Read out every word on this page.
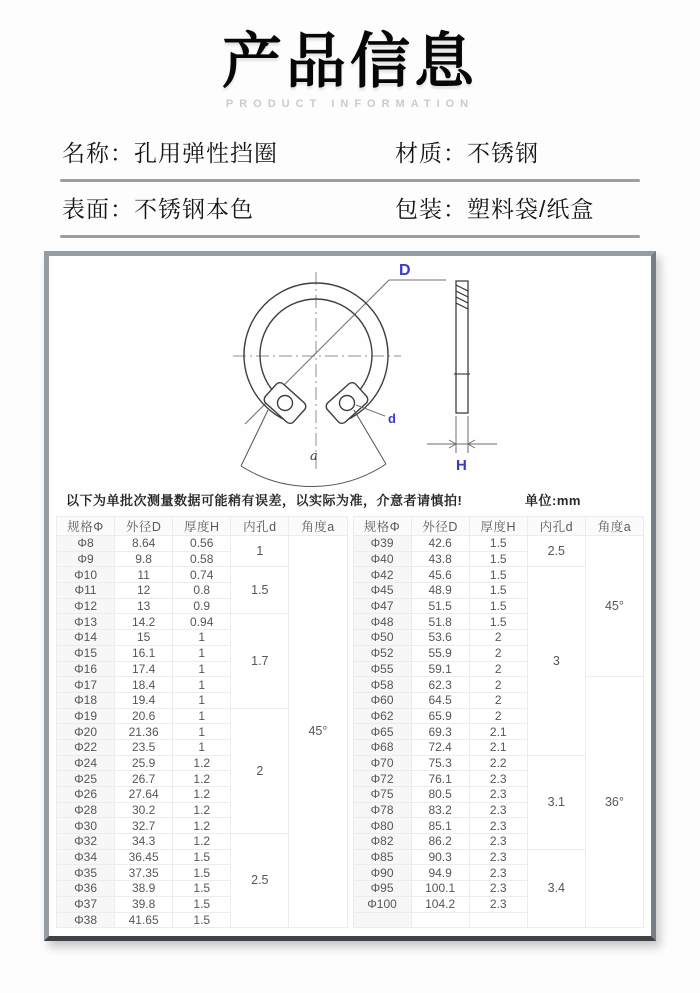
产品信息
PRODUCT INFORMATION
名称：孔用弹性挡圈	材质：不锈钢
表面：不锈钢本色	包装：塑料袋/纸盒
D
d
a
H
以下为单批次测量数据可能稍有误差，以实际为准，介意者请慎拍!	单位:mm
规格Φ	外径D	厚度H	内孔d	角度a
Φ8	8.64	0.56	1	45°
Φ9	9.8	0.58		
Φ10	11	0.74	1.5	
Φ11	12	0.8		
Φ12	13	0.9		
Φ13	14.2	0.94	1.7	
Φ14	15	1		
Φ15	16.1	1		
Φ16	17.4	1		
Φ17	18.4	1		
Φ18	19.4	1		
Φ19	20.6	1	2	
Φ20	21.36	1		
Φ22	23.5	1		
Φ24	25.9	1.2		
Φ25	26.7	1.2		
Φ26	27.64	1.2		
Φ28	30.2	1.2		
Φ30	32.7	1.2		
Φ32	34.3	1.2	2.5	
Φ34	36.45	1.5		
Φ35	37.35	1.5		
Φ36	38.9	1.5		
Φ37	39.8	1.5		
Φ38	41.65	1.5		
规格Φ	外径D	厚度H	内孔d	角度a
Φ39	42.6	1.5	2.5	45°
Φ40	43.8	1.5		
Φ42	45.6	1.5	3	
Φ45	48.9	1.5		
Φ47	51.5	1.5		
Φ48	51.8	1.5		
Φ50	53.6	2		
Φ52	55.9	2		
Φ55	59.1	2		
Φ58	62.3	2		36°
Φ60	64.5	2		
Φ62	65.9	2		
Φ65	69.3	2.1		
Φ68	72.4	2.1		
Φ70	75.3	2.2	3.1	
Φ72	76.1	2.3		
Φ75	80.5	2.3		
Φ78	83.2	2.3		
Φ80	85.1	2.3		
Φ82	86.2	2.3		
Φ85	90.3	2.3	3.4	
Φ90	94.9	2.3		
Φ95	100.1	2.3		
Φ100	104.2	2.3		
